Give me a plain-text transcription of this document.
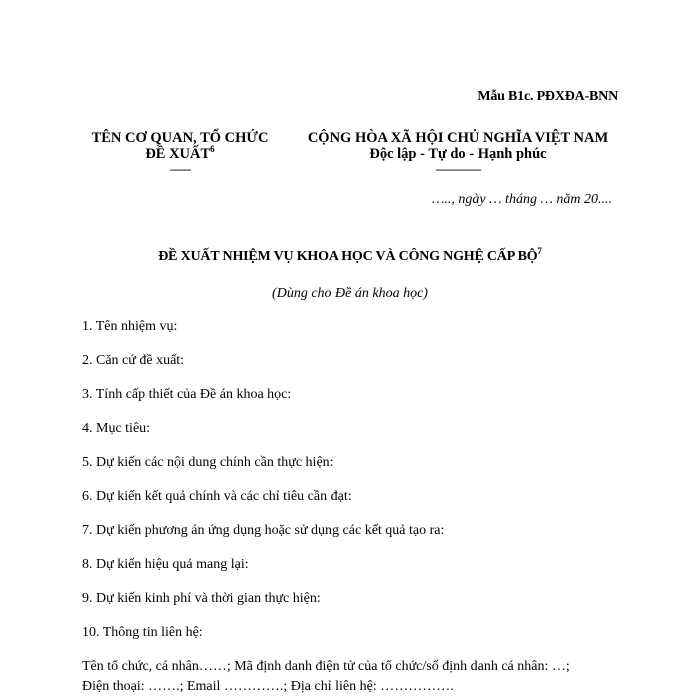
Mẫu B1c. PĐXĐA-BNN
TÊN CƠ QUAN, TỔ CHỨC
ĐỀ XUẤT$^6$
-------
CỘNG HÒA XÃ HỘI CHỦ NGHĨA VIỆT NAM
Độc lập - Tự do - Hạnh phúc
---------------
….., ngày … tháng … năm 20....
ĐỀ XUẤT NHIỆM VỤ KHOA HỌC VÀ CÔNG NGHỆ CẤP BỘ$^7$
(Dùng cho Đề án khoa học)
1. Tên nhiệm vụ:
2. Căn cứ đề xuất:
3. Tính cấp thiết của Đề án khoa học:
4. Mục tiêu:
5. Dự kiến các nội dung chính cần thực hiện:
6. Dự kiến kết quả chính và các chỉ tiêu cần đạt:
7. Dự kiến phương án ứng dụng hoặc sử dụng các kết quả tạo ra:
8. Dự kiến hiệu quả mang lại:
9. Dự kiến kinh phí và thời gian thực hiện:
10. Thông tin liên hệ:
Tên tổ chức, cá nhân……; Mã định danh điện tử của tổ chức/số định danh cá nhân: …;
Điện thoại: …….; Email ………….; Địa chỉ liên hệ: …………….
